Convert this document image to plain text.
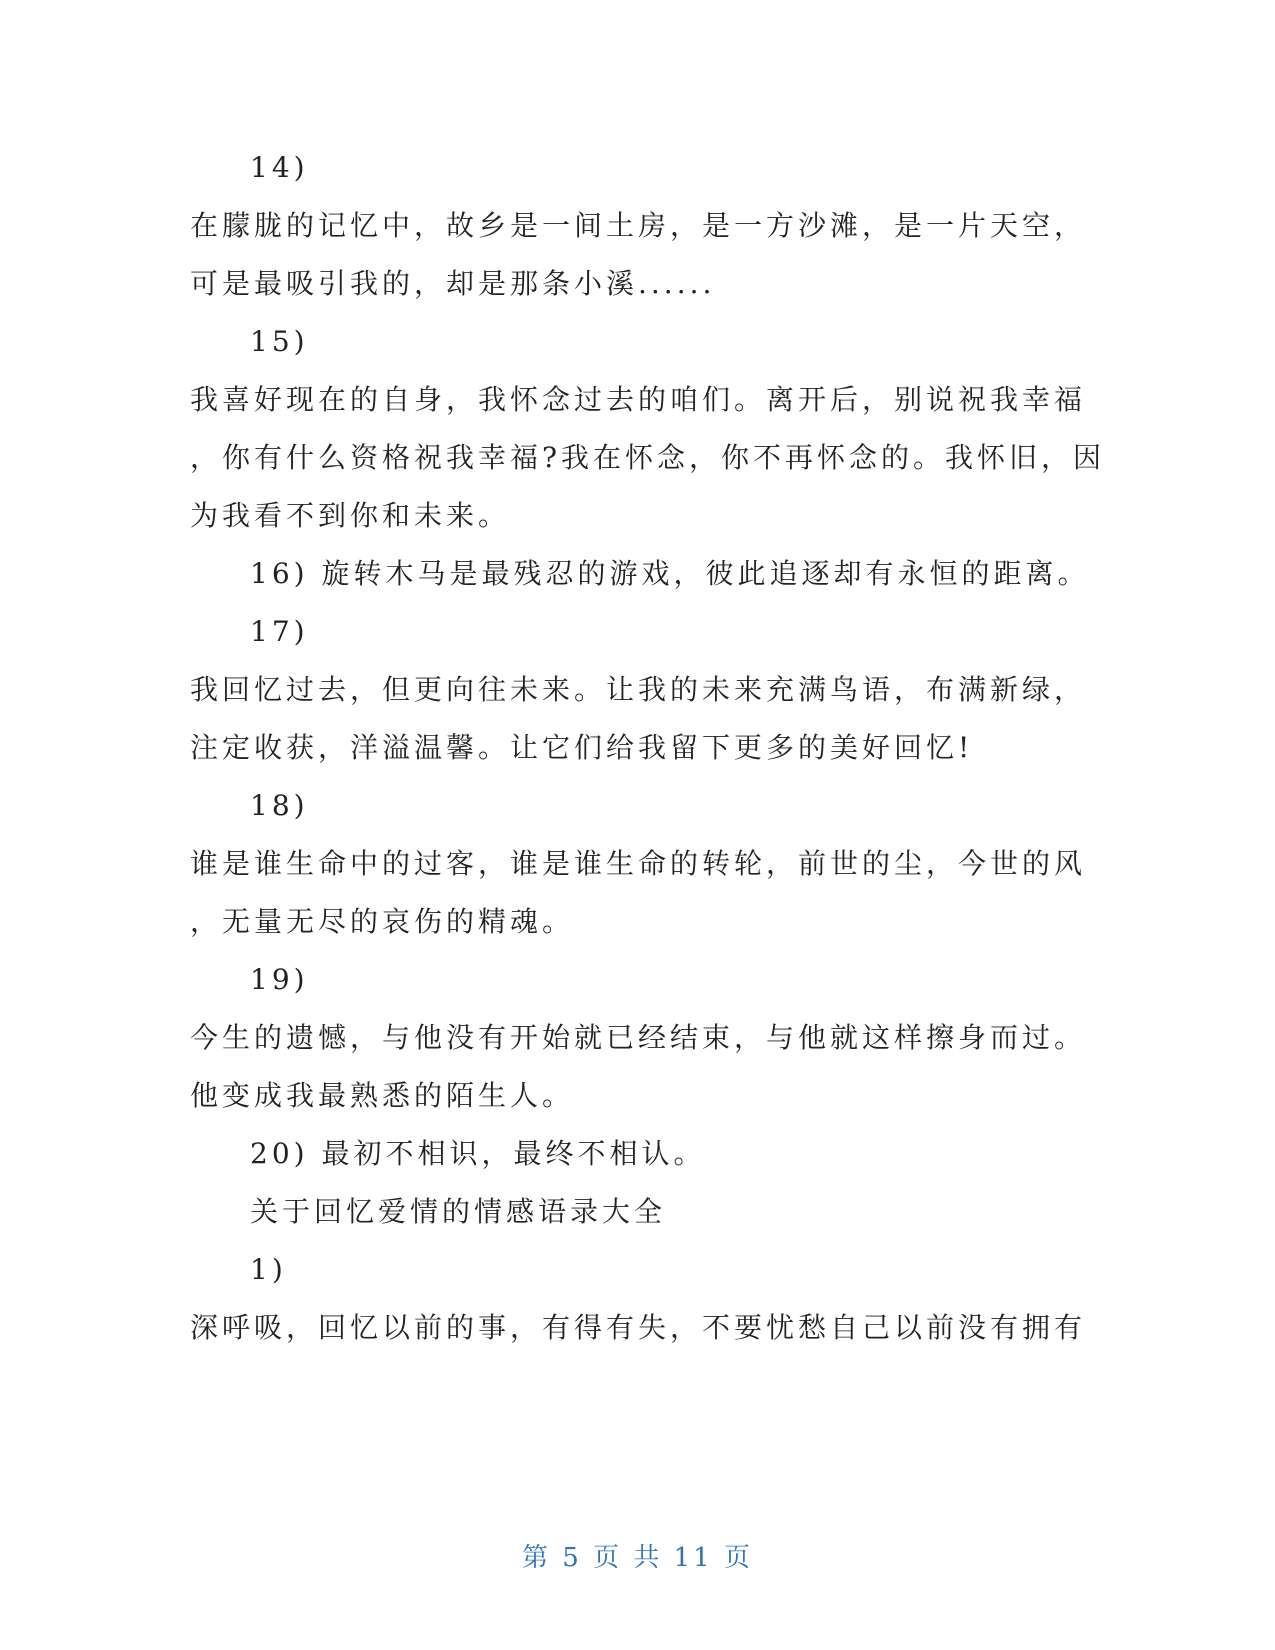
14)
在朦胧的记忆中，故乡是一间土房，是一方沙滩，是一片天空，
可是最吸引我的，却是那条小溪......
15)
我喜好现在的自身，我怀念过去的咱们。离开后，别说祝我幸福
，你有什么资格祝我幸福?我在怀念，你不再怀念的。我怀旧，因
为我看不到你和未来。
16) 旋转木马是最残忍的游戏，彼此追逐却有永恒的距离。
17)
我回忆过去，但更向往未来。让我的未来充满鸟语，布满新绿，
注定收获，洋溢温馨。让它们给我留下更多的美好回忆!
18)
谁是谁生命中的过客，谁是谁生命的转轮，前世的尘，今世的风
，无量无尽的哀伤的精魂。
19)
今生的遗憾，与他没有开始就已经结束，与他就这样擦身而过。
他变成我最熟悉的陌生人。
20) 最初不相识，最终不相认。
关于回忆爱情的情感语录大全
1)
深呼吸，回忆以前的事，有得有失，不要忧愁自己以前没有拥有
第 5 页 共 11 页
